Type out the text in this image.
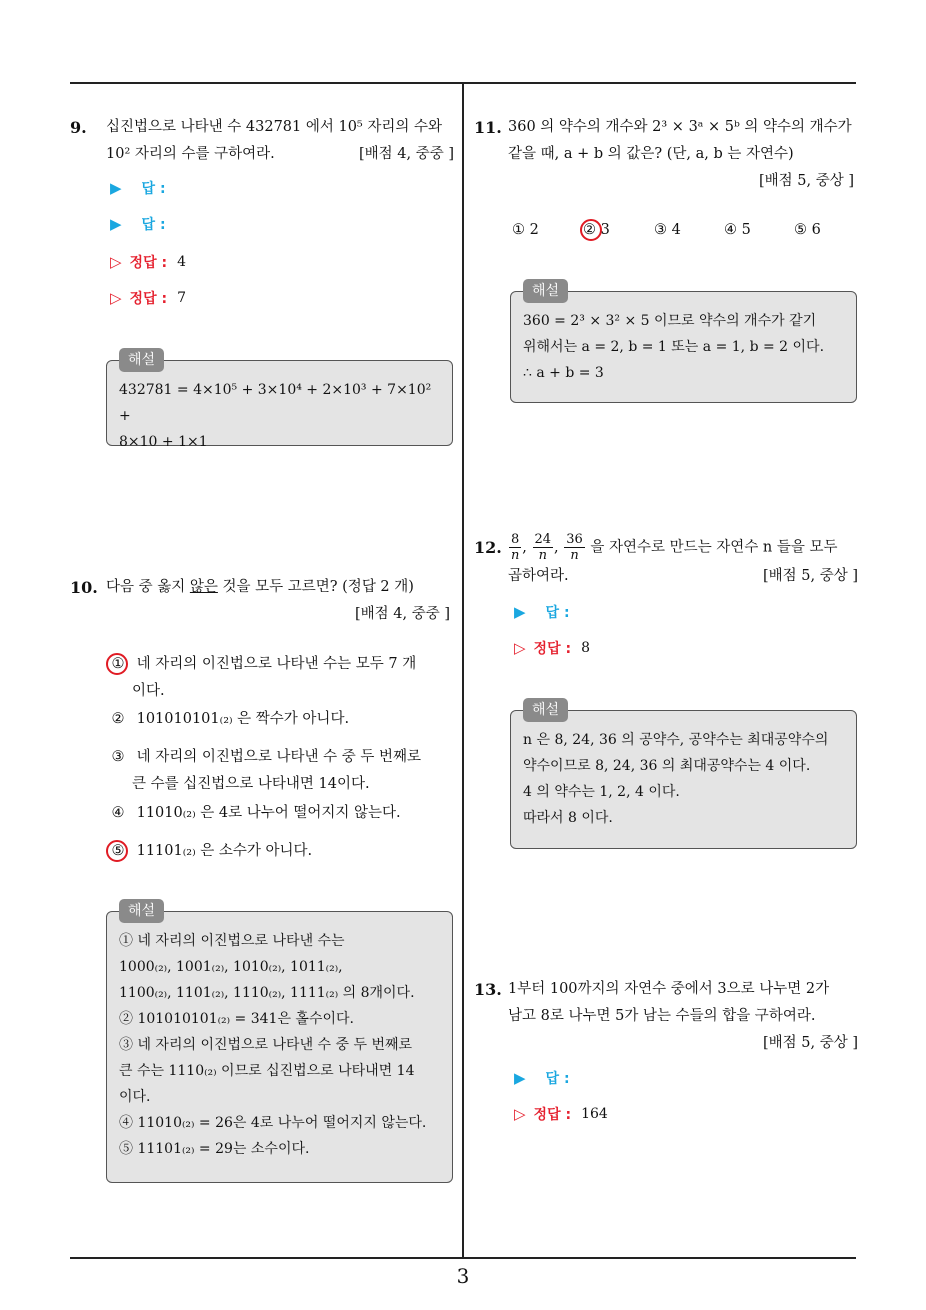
3
9. 십진법으로 나타낸 수 432781 에서 10⁵ 자리의 수와
10² 자리의 수를 구하여라.	[배점 4, 중중 ]
▶ 답 :
▶ 답 :
▷ 정답 : 4
▷ 정답 : 7
해설
432781 = 4×10⁵ + 3×10⁴ + 2×10³ + 7×10² +
8×10 + 1×1
10. 다음 중 옳지 않은 것을 모두 고르면? (정답 2 개)
[배점 4, 중중 ]
① 네 자리의 이진법으로 나타낸 수는 모두 7 개
이다.
② 101010101₍₂₎ 은 짝수가 아니다.
③ 네 자리의 이진법으로 나타낸 수 중 두 번째로
큰 수를 십진법으로 나타내면 14이다.
④ 11010₍₂₎ 은 4로 나누어 떨어지지 않는다.
⑤ 11101₍₂₎ 은 소수가 아니다.
해설
① 네 자리의 이진법으로 나타낸 수는
1000₍₂₎, 1001₍₂₎, 1010₍₂₎, 1011₍₂₎,
1100₍₂₎, 1101₍₂₎, 1110₍₂₎, 1111₍₂₎ 의 8개이다.
② 101010101₍₂₎ = 341은 홀수이다.
③ 네 자리의 이진법으로 나타낸 수 중 두 번째로
큰 수는 1110₍₂₎ 이므로 십진법으로 나타내면 14
이다.
④ 11010₍₂₎ = 26은 4로 나누어 떨어지지 않는다.
⑤ 11101₍₂₎ = 29는 소수이다.
11. 360 의 약수의 개수와 2³ × 3ᵃ × 5ᵇ 의 약수의 개수가
같을 때, a + b 의 값은? (단, a, b 는 자연수)
[배점 5, 중상 ]
① 2	② 3	③ 4	④ 5	⑤ 6
해설
360 = 2³ × 3² × 5 이므로 약수의 개수가 같기
위해서는 a = 2, b = 1 또는 a = 1, b = 2 이다.
∴ a + b = 3
12. $\frac{8}{n}$ , $\frac{24}{n}$ , $\frac{36}{n}$ 을 자연수로 만드는 자연수 n 들을 모두
곱하여라.	[배점 5, 중상 ]
▶ 답 :
▷ 정답 : 8
해설
n 은 8, 24, 36 의 공약수, 공약수는 최대공약수의
약수이므로 8, 24, 36 의 최대공약수는 4 이다.
4 의 약수는 1, 2, 4 이다.
따라서 8 이다.
13. 1부터 100까지의 자연수 중에서 3으로 나누면 2가
남고 8로 나누면 5가 남는 수들의 합을 구하여라.
[배점 5, 중상 ]
▶ 답 :
▷ 정답 : 164
